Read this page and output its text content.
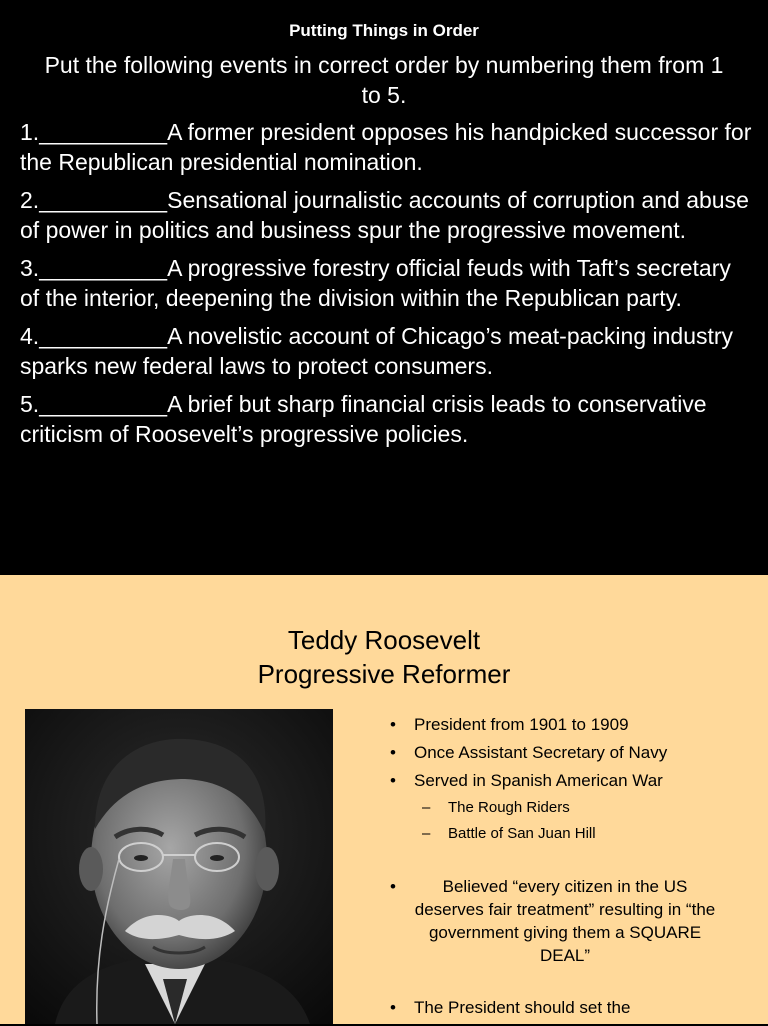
Putting Things in Order
Put the following events in correct order by numbering them from 1 to 5.
1.__________A former president opposes his handpicked successor for the Republican presidential nomination.
2.__________Sensational journalistic accounts of corruption and abuse of power in politics and business spur the progressive movement.
3.__________A progressive forestry official feuds with Taft’s secretary of the interior, deepening the division within the Republican party.
4.__________A novelistic account of Chicago’s meat-packing industry sparks new federal laws to protect consumers.
5.__________A brief but sharp financial crisis leads to conservative criticism of Roosevelt’s progressive policies.
Teddy Roosevelt
Progressive Reformer
• President from 1901 to 1909
• Once Assistant Secretary of Navy
• Served in Spanish American War
– The Rough Riders
– Battle of San Juan Hill
•	Believed “every citizen in the US deserves fair treatment” resulting in “the government giving them a SQUARE DEAL”
• The President should set the
